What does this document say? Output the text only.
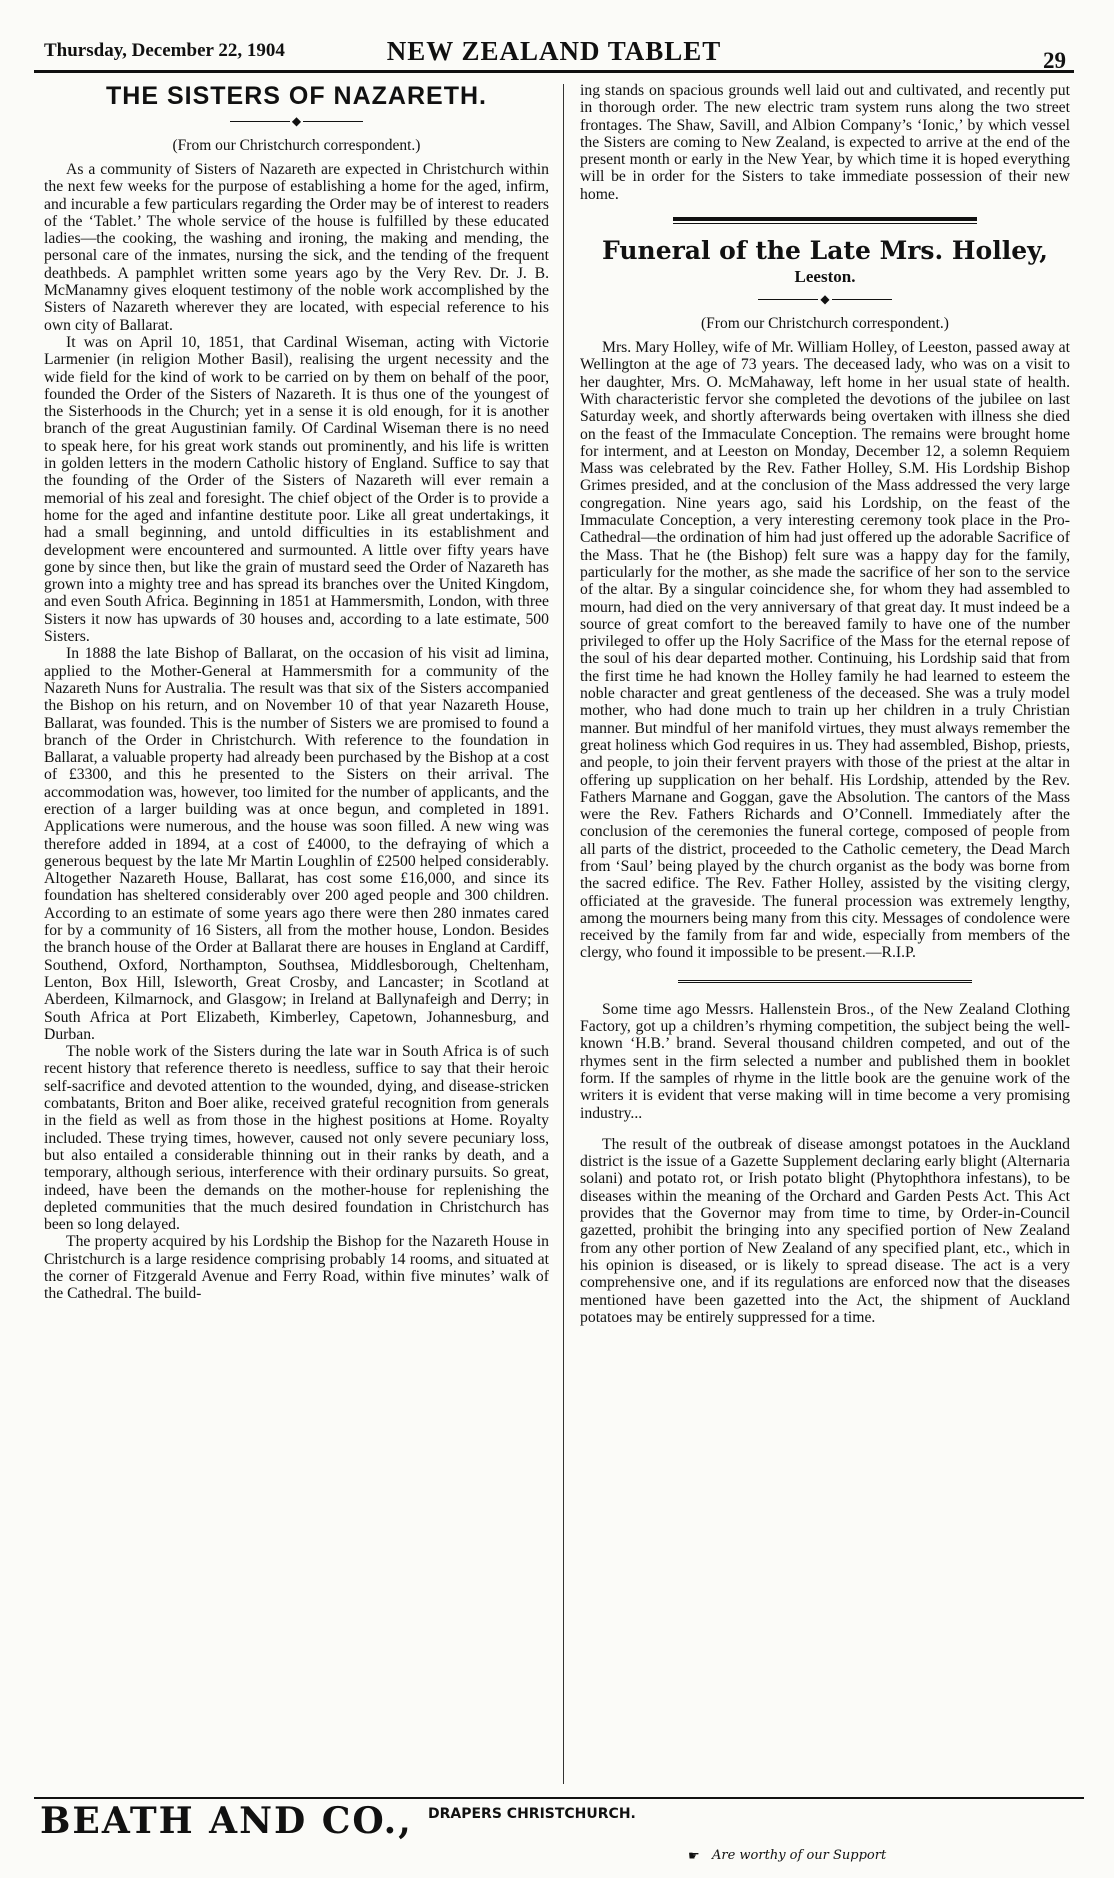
Thursday, December 22, 1904	NEW ZEALAND TABLET	29
THE SISTERS OF NAZARETH.
◆

(From our Christchurch correspondent.)

As a community of Sisters of Nazareth are expected in Christchurch within the next few weeks for the purpose of establishing a home for the aged, infirm, and incurable a few particulars regarding the Order may be of interest to readers of the ‘Tablet.’ The whole service of the house is fulfilled by these educated ladies—the cooking, the washing and ironing, the making and mending, the personal care of the inmates, nursing the sick, and the tending of the frequent deathbeds. A pamphlet written some years ago by the Very Rev. Dr. J. B. McManamny gives eloquent testimony of the noble work accomplished by the Sisters of Nazareth wherever they are located, with especial reference to his own city of Ballarat.

It was on April 10, 1851, that Cardinal Wiseman, acting with Victorie Larmenier (in religion Mother Basil), realising the urgent necessity and the wide field for the kind of work to be carried on by them on behalf of the poor, founded the Order of the Sisters of Nazareth. It is thus one of the youngest of the Sisterhoods in the Church; yet in a sense it is old enough, for it is another branch of the great Augustinian family. Of Cardinal Wiseman there is no need to speak here, for his great work stands out prominently, and his life is written in golden letters in the modern Catholic history of England. Suffice to say that the founding of the Order of the Sisters of Nazareth will ever remain a memorial of his zeal and foresight. The chief object of the Order is to provide a home for the aged and infantine destitute poor. Like all great undertakings, it had a small beginning, and untold difficulties in its establishment and development were encountered and surmounted. A little over fifty years have gone by since then, but like the grain of mustard seed the Order of Nazareth has grown into a mighty tree and has spread its branches over the United Kingdom, and even South Africa. Beginning in 1851 at Hammersmith, London, with three Sisters it now has upwards of 30 houses and, according to a late estimate, 500 Sisters.

In 1888 the late Bishop of Ballarat, on the occasion of his visit ad limina, applied to the Mother-General at Hammersmith for a community of the Nazareth Nuns for Australia. The result was that six of the Sisters accompanied the Bishop on his return, and on November 10 of that year Nazareth House, Ballarat, was founded. This is the number of Sisters we are promised to found a branch of the Order in Christchurch. With reference to the foundation in Ballarat, a valuable property had already been purchased by the Bishop at a cost of £3300, and this he presented to the Sisters on their arrival. The accommodation was, however, too limited for the number of applicants, and the erection of a larger building was at once begun, and completed in 1891. Applications were numerous, and the house was soon filled. A new wing was therefore added in 1894, at a cost of £4000, to the defraying of which a generous bequest by the late Mr Martin Loughlin of £2500 helped considerably. Altogether Nazareth House, Ballarat, has cost some £16,000, and since its foundation has sheltered considerably over 200 aged people and 300 children. According to an estimate of some years ago there were then 280 inmates cared for by a community of 16 Sisters, all from the mother house, London. Besides the branch house of the Order at Ballarat there are houses in England at Cardiff, Southend, Oxford, Northampton, Southsea, Middlesborough, Cheltenham, Lenton, Box Hill, Isleworth, Great Crosby, and Lancaster; in Scotland at Aberdeen, Kilmarnock, and Glasgow; in Ireland at Ballynafeigh and Derry; in South Africa at Port Elizabeth, Kimberley, Capetown, Johannesburg, and Durban.

The noble work of the Sisters during the late war in South Africa is of such recent history that reference thereto is needless, suffice to say that their heroic self-sacrifice and devoted attention to the wounded, dying, and disease-stricken combatants, Briton and Boer alike, received grateful recognition from generals in the field as well as from those in the highest positions at Home. Royalty included. These trying times, however, caused not only severe pecuniary loss, but also entailed a considerable thinning out in their ranks by death, and a temporary, although serious, interference with their ordinary pursuits. So great, indeed, have been the demands on the mother-house for replenishing the depleted communities that the much desired foundation in Christchurch has been so long delayed.

The property acquired by his Lordship the Bishop for the Nazareth House in Christchurch is a large residence comprising probably 14 rooms, and situated at the corner of Fitzgerald Avenue and Ferry Road, within five minutes’ walk of the Cathedral. The build-

ing stands on spacious grounds well laid out and cultivated, and recently put in thorough order. The new electric tram system runs along the two street frontages. The Shaw, Savill, and Albion Company’s ‘Ionic,’ by which vessel the Sisters are coming to New Zealand, is expected to arrive at the end of the present month or early in the New Year, by which time it is hoped everything will be in order for the Sisters to take immediate possession of their new home.

Funeral of the Late Mrs. Holley,

Leeston.

◆

(From our Christchurch correspondent.)

Mrs. Mary Holley, wife of Mr. William Holley, of Leeston, passed away at Wellington at the age of 73 years. The deceased lady, who was on a visit to her daughter, Mrs. O. McMahaway, left home in her usual state of health. With characteristic fervor she completed the devotions of the jubilee on last Saturday week, and shortly afterwards being overtaken with illness she died on the feast of the Immaculate Conception. The remains were brought home for interment, and at Leeston on Monday, December 12, a solemn Requiem Mass was celebrated by the Rev. Father Holley, S.M. His Lordship Bishop Grimes presided, and at the conclusion of the Mass addressed the very large congregation. Nine years ago, said his Lordship, on the feast of the Immaculate Conception, a very interesting ceremony took place in the Pro-Cathedral—the ordination of him had just offered up the adorable Sacrifice of the Mass. That he (the Bishop) felt sure was a happy day for the family, particularly for the mother, as she made the sacrifice of her son to the service of the altar. By a singular coincidence she, for whom they had assembled to mourn, had died on the very anniversary of that great day. It must indeed be a source of great comfort to the bereaved family to have one of the number privileged to offer up the Holy Sacrifice of the Mass for the eternal repose of the soul of his dear departed mother. Continuing, his Lordship said that from the first time he had known the Holley family he had learned to esteem the noble character and great gentleness of the deceased. She was a truly model mother, who had done much to train up her children in a truly Christian manner. But mindful of her manifold virtues, they must always remember the great holiness which God requires in us. They had assembled, Bishop, priests, and people, to join their fervent prayers with those of the priest at the altar in offering up supplication on her behalf. His Lordship, attended by the Rev. Fathers Marnane and Goggan, gave the Absolution. The cantors of the Mass were the Rev. Fathers Richards and O’Connell. Immediately after the conclusion of the ceremonies the funeral cortege, composed of people from all parts of the district, proceeded to the Catholic cemetery, the Dead March from ‘Saul’ being played by the church organist as the body was borne from the sacred edifice. The Rev. Father Holley, assisted by the visiting clergy, officiated at the graveside. The funeral procession was extremely lengthy, among the mourners being many from this city. Messages of condolence were received by the family from far and wide, especially from members of the clergy, who found it impossible to be present.—R.I.P.

Some time ago Messrs. Hallenstein Bros., of the New Zealand Clothing Factory, got up a children’s rhyming competition, the subject being the well-known ‘H.B.’ brand. Several thousand children competed, and out of the rhymes sent in the firm selected a number and published them in booklet form. If the samples of rhyme in the little book are the genuine work of the writers it is evident that verse making will in time become a very promising industry...

The result of the outbreak of disease amongst potatoes in the Auckland district is the issue of a Gazette Supplement declaring early blight (Alternaria solani) and potato rot, or Irish potato blight (Phytophthora infestans), to be diseases within the meaning of the Orchard and Garden Pests Act. This Act provides that the Governor may from time to time, by Order-in-Council gazetted, prohibit the bringing into any specified portion of New Zealand from any other portion of New Zealand of any specified plant, etc., which in his opinion is diseased, or is likely to spread disease. The act is a very comprehensive one, and if its regulations are enforced now that the diseases mentioned have been gazetted into the Act, the shipment of Auckland potatoes may be entirely suppressed for a time.

BEATH AND CO., DRAPERS CHRISTCHURCH.
☛ Are worthy of our Support
